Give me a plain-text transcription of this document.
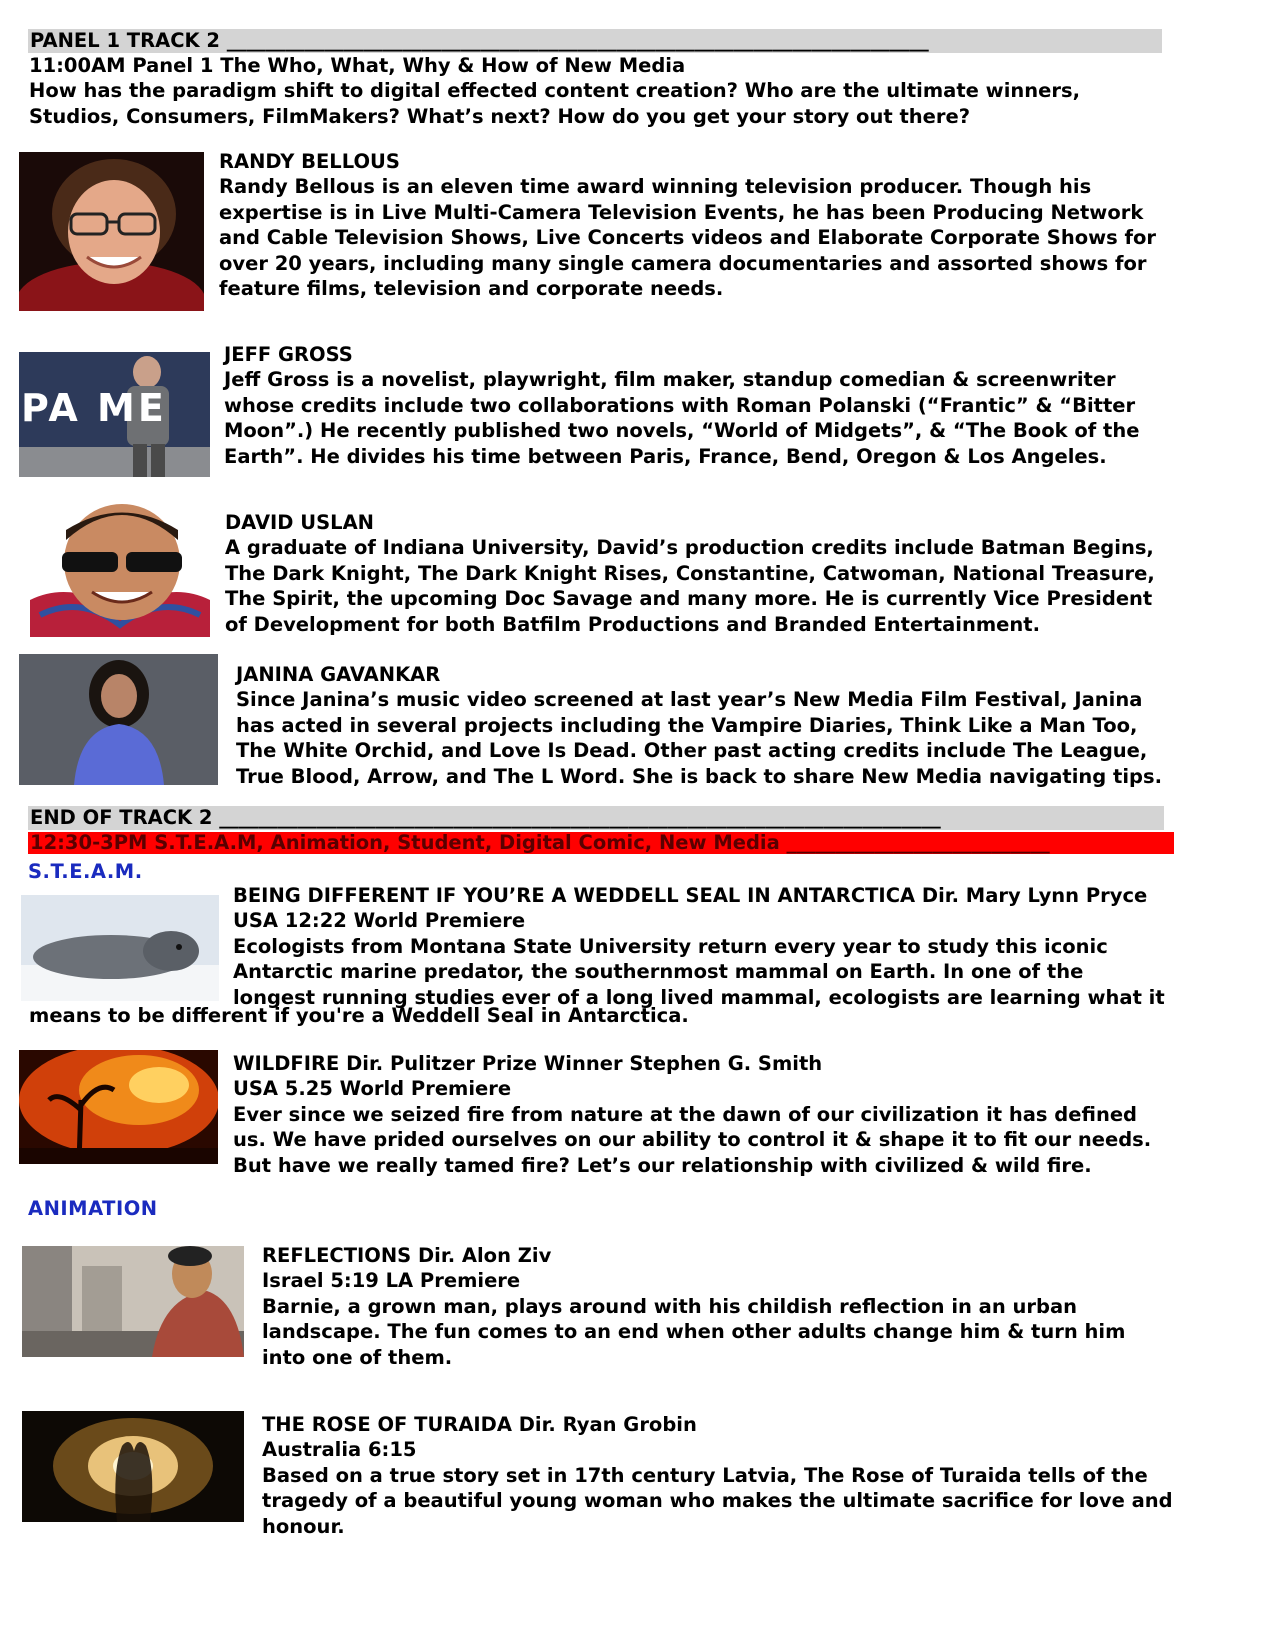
PANEL 1 TRACK 2 ________________________________________________________________________
11:00AM Panel 1 The Who, What, Why & How of New Media
How has the paradigm shift to digital effected content creation? Who are the ultimate winners,
Studios, Consumers, FilmMakers? What’s next? How do you get your story out there?
RANDY BELLOUS
Randy Bellous is an eleven time award winning television producer. Though his
expertise is in Live Multi-Camera Television Events, he has been Producing Network
and Cable Television Shows, Live Concerts videos and Elaborate Corporate Shows for
over 20 years, including many single camera documentaries and assorted shows for
feature films, television and corporate needs.
PA ME
JEFF GROSS
Jeff Gross is a novelist, playwright, film maker, standup comedian & screenwriter
whose credits include two collaborations with Roman Polanski (“Frantic” & “Bitter
Moon”.) He recently published two novels, “World of Midgets”, & “The Book of the
Earth”. He divides his time between Paris, France, Bend, Oregon & Los Angeles.
DAVID USLAN
A graduate of Indiana University, David’s production credits include Batman Begins,
The Dark Knight, The Dark Knight Rises, Constantine, Catwoman, National Treasure,
The Spirit, the upcoming Doc Savage and many more. He is currently Vice President
of Development for both Batfilm Productions and Branded Entertainment.
JANINA GAVANKAR
Since Janina’s music video screened at last year’s New Media Film Festival, Janina
has acted in several projects including the Vampire Diaries, Think Like a Man Too,
The White Orchid, and Love Is Dead. Other past acting credits include The League,
True Blood, Arrow, and The L Word. She is back to share New Media navigating tips.
END OF TRACK 2 __________________________________________________________________________
12:30-3PM S.T.E.A.M, Animation, Student, Digital Comic, New Media ___________________________
S.T.E.A.M.
BEING DIFFERENT IF YOU’RE A WEDDELL SEAL IN ANTARCTICA Dir. Mary Lynn Pryce
USA 12:22 World Premiere
Ecologists from Montana State University return every year to study this iconic
Antarctic marine predator, the southernmost mammal on Earth. In one of the
longest running studies ever of a long lived mammal, ecologists are learning what it
means to be different if you're a Weddell Seal in Antarctica.
WILDFIRE Dir. Pulitzer Prize Winner Stephen G. Smith
USA 5.25 World Premiere
Ever since we seized fire from nature at the dawn of our civilization it has defined
us. We have prided ourselves on our ability to control it & shape it to fit our needs.
But have we really tamed fire? Let’s our relationship with civilized & wild fire.
ANIMATION
REFLECTIONS Dir. Alon Ziv
Israel 5:19 LA Premiere
Barnie, a grown man, plays around with his childish reflection in an urban
landscape. The fun comes to an end when other adults change him & turn him
into one of them.
THE ROSE OF TURAIDA Dir. Ryan Grobin
Australia 6:15
Based on a true story set in 17th century Latvia, The Rose of Turaida tells of the
tragedy of a beautiful young woman who makes the ultimate sacrifice for love and
honour.
